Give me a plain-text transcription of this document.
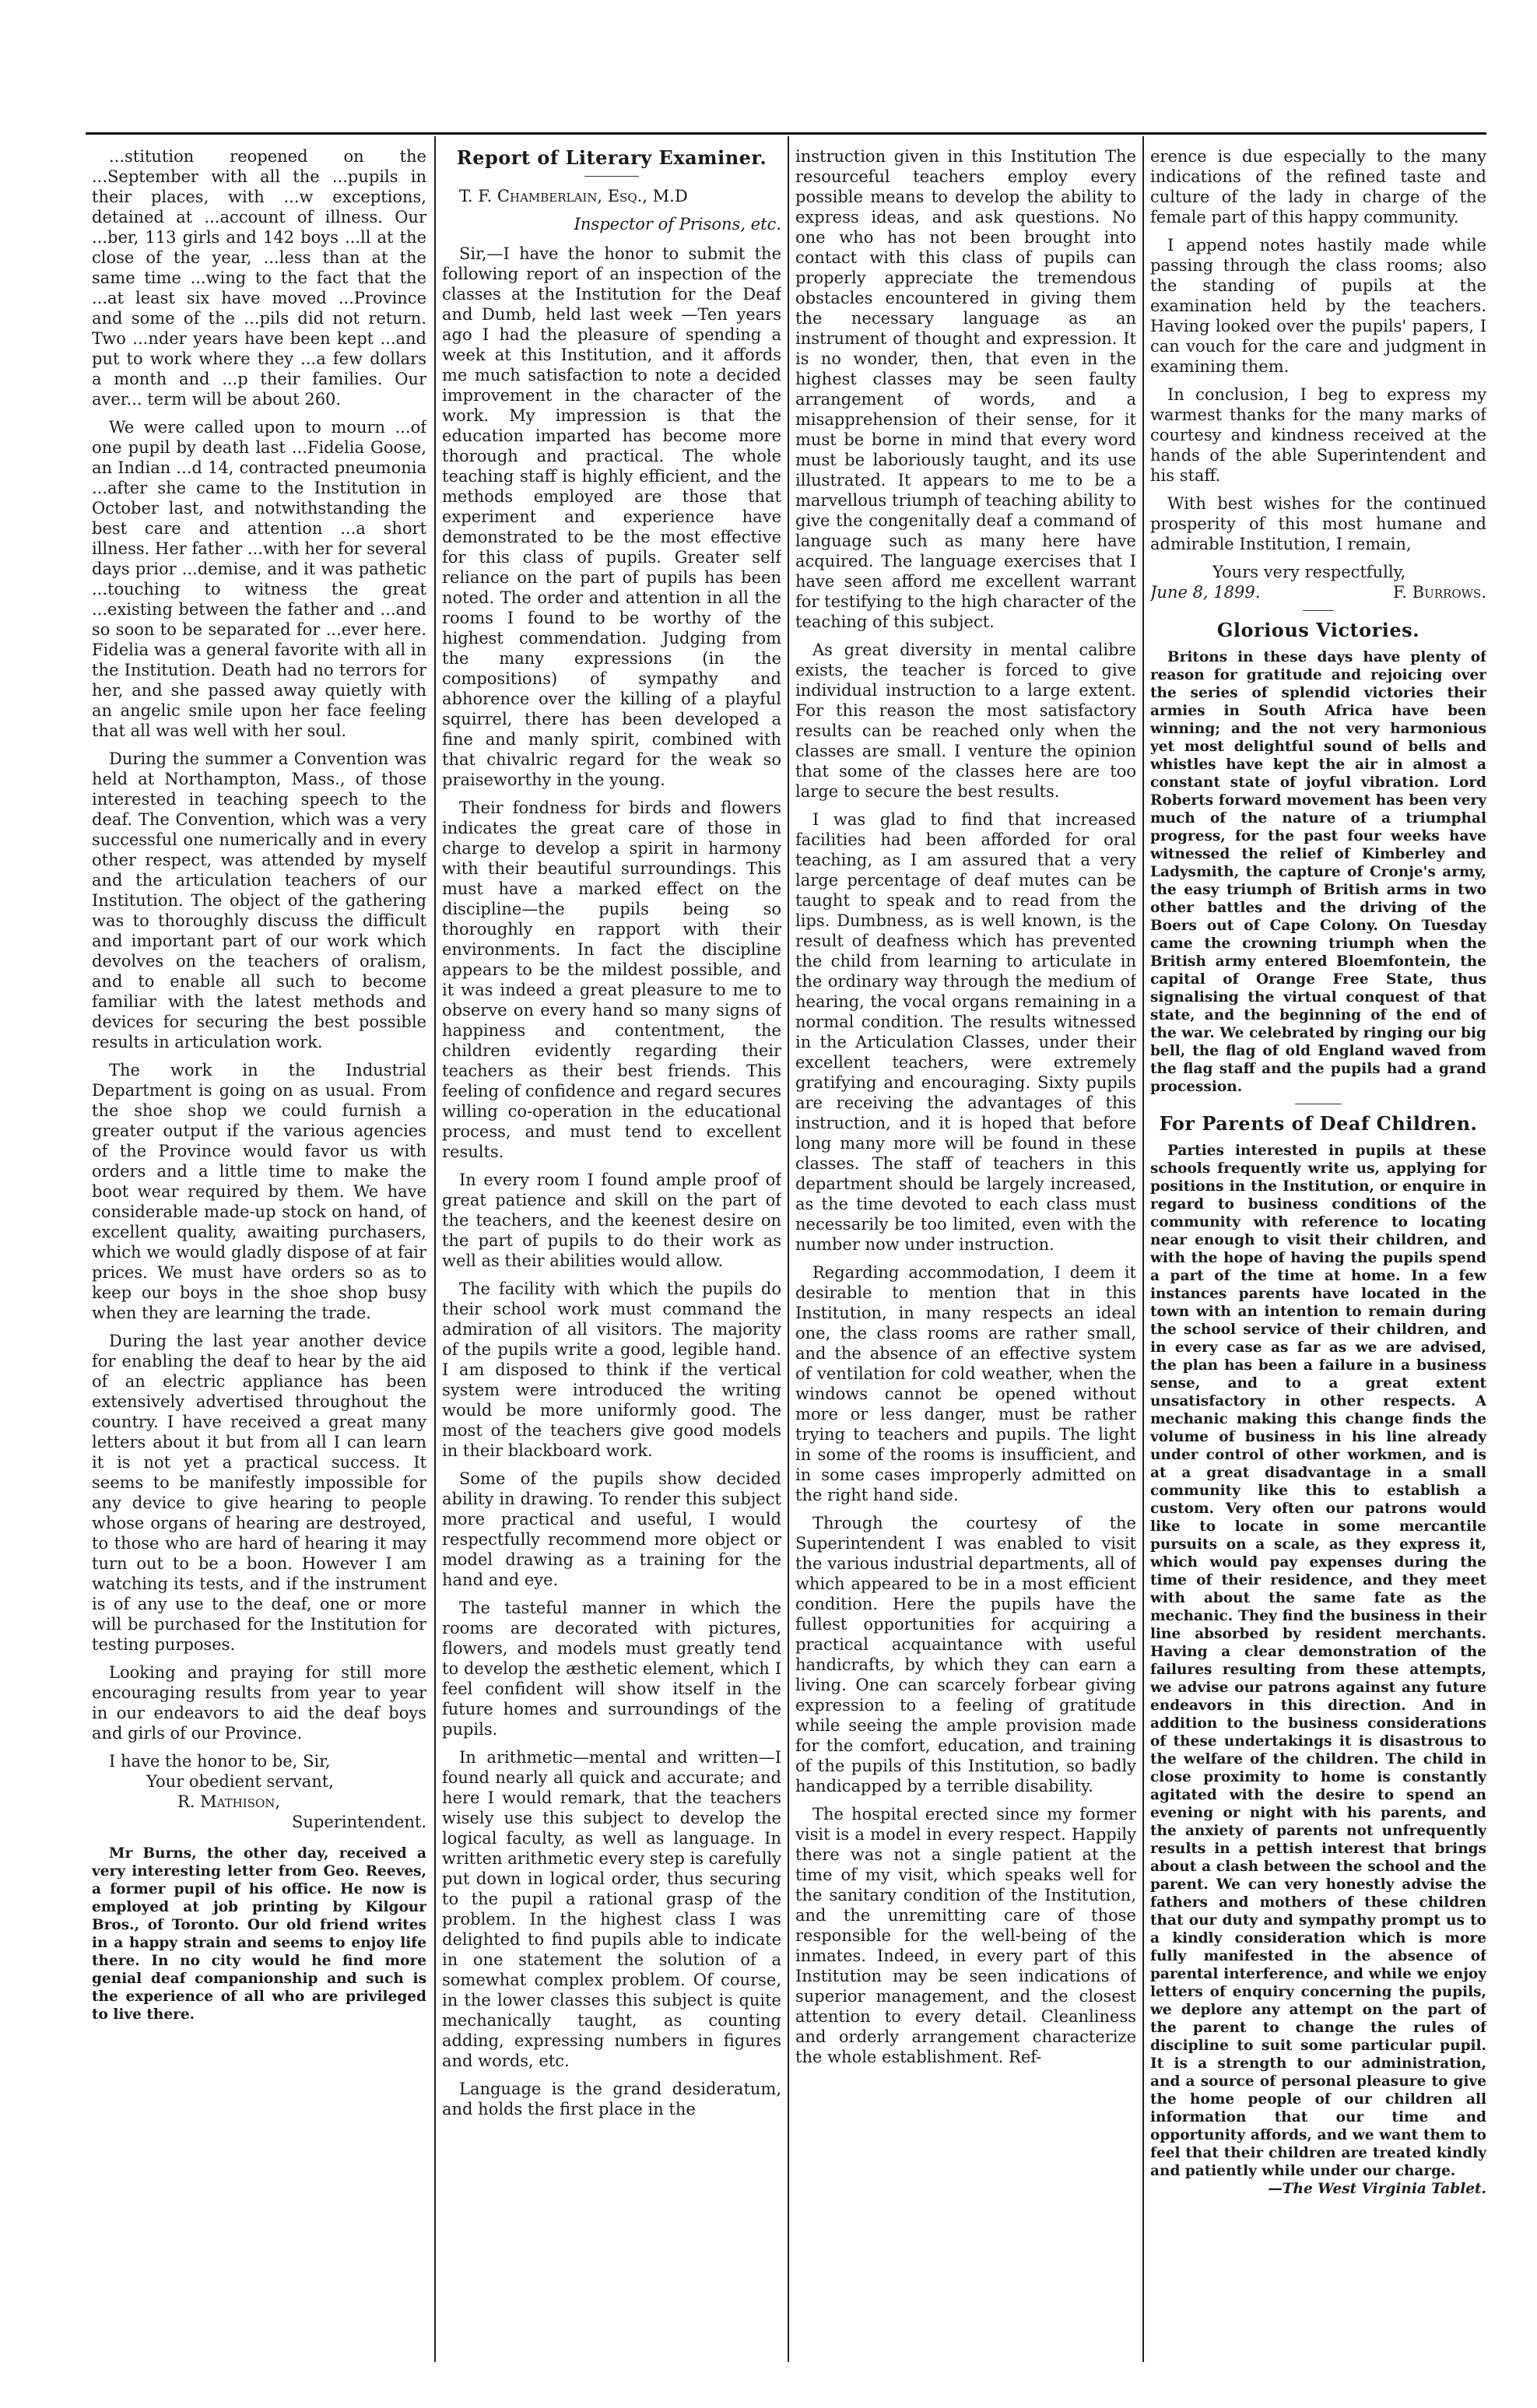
...stitution reopened on the ...September with all the ...pupils in their places, with ...w exceptions, detained at ...account of illness. Our ...ber, 113 girls and 142 boys ...ll at the close of the year, ...less than at the same time ...wing to the fact that the ...at least six have moved ...Province and some of the ...pils did not return. Two ...nder years have been kept ...and put to work where they ...a few dollars a month and ...p their families. Our aver... term will be about 260.

We were called upon to mourn ...of one pupil by death last ...Fidelia Goose, an Indian ...d 14, contracted pneumonia ...after she came to the Institution in October last, and notwithstanding the best care and attention ...a short illness. Her father ...with her for several days prior ...demise, and it was pathetic ...touching to witness the great ...existing between the father and ...and so soon to be separated for ...ever here. Fidelia was a general favorite with all in the Institution. Death had no terrors for her, and she passed away quietly with an angelic smile upon her face feeling that all was well with her soul.

During the summer a Convention was held at Northampton, Mass., of those interested in teaching speech to the deaf. The Convention, which was a very successful one numerically and in every other respect, was attended by myself and the articulation teachers of our Institution. The object of the gathering was to thoroughly discuss the difficult and important part of our work which devolves on the teachers of oralism, and to enable all such to become familiar with the latest methods and devices for securing the best possible results in articulation work.

The work in the Industrial Department is going on as usual. From the shoe shop we could furnish a greater output if the various agencies of the Province would favor us with orders and a little time to make the boot wear required by them. We have considerable made-up stock on hand, of excellent quality, awaiting purchasers, which we would gladly dispose of at fair prices. We must have orders so as to keep our boys in the shoe shop busy when they are learning the trade.

During the last year another device for enabling the deaf to hear by the aid of an electric appliance has been extensively advertised throughout the country. I have received a great many letters about it but from all I can learn it is not yet a practical success. It seems to be manifestly impossible for any device to give hearing to people whose organs of hearing are destroyed, to those who are hard of hearing it may turn out to be a boon. However I am watching its tests, and if the instrument is of any use to the deaf, one or more will be purchased for the Institution for testing purposes.

Looking and praying for still more encouraging results from year to year in our endeavors to aid the deaf boys and girls of our Province.

I have the honor to be, Sir,

Your obedient servant,

R. Mathison,

Superintendent.

Mr Burns, the other day, received a very interesting letter from Geo. Reeves, a former pupil of his office. He now is employed at job printing by Kilgour Bros., of Toronto. Our old friend writes in a happy strain and seems to enjoy life there. In no city would he find more genial deaf companionship and such is the experience of all who are privileged to live there.

Report of Literary Examiner.

T. F. Chamberlain, Esq., M.D

Inspector of Prisons, etc.

Sir,—I have the honor to submit the following report of an inspection of the classes at the Institution for the Deaf and Dumb, held last week —Ten years ago I had the pleasure of spending a week at this Institution, and it affords me much satisfaction to note a decided improvement in the character of the work. My impression is that the education imparted has become more thorough and practical. The whole teaching staff is highly efficient, and the methods employed are those that experiment and experience have demonstrated to be the most effective for this class of pupils. Greater self reliance on the part of pupils has been noted. The order and attention in all the rooms I found to be worthy of the highest commendation. Judging from the many expressions (in the compositions) of sympathy and abhorence over the killing of a playful squirrel, there has been developed a fine and manly spirit, combined with that chivalric regard for the weak so praiseworthy in the young.

Their fondness for birds and flowers indicates the great care of those in charge to develop a spirit in harmony with their beautiful surroundings. This must have a marked effect on the discipline—the pupils being so thoroughly en rapport with their environments. In fact the discipline appears to be the mildest possible, and it was indeed a great pleasure to me to observe on every hand so many signs of happiness and contentment, the children evidently regarding their teachers as their best friends. This feeling of confidence and regard secures willing co-operation in the educational process, and must tend to excellent results.

In every room I found ample proof of great patience and skill on the part of the teachers, and the keenest desire on the part of pupils to do their work as well as their abilities would allow.

The facility with which the pupils do their school work must command the admiration of all visitors. The majority of the pupils write a good, legible hand. I am disposed to think if the vertical system were introduced the writing would be more uniformly good. The most of the teachers give good models in their blackboard work.

Some of the pupils show decided ability in drawing. To render this subject more practical and useful, I would respectfully recommend more object or model drawing as a training for the hand and eye.

The tasteful manner in which the rooms are decorated with pictures, flowers, and models must greatly tend to develop the æsthetic element, which I feel confident will show itself in the future homes and surroundings of the pupils.

In arithmetic—mental and written—I found nearly all quick and accurate; and here I would remark, that the teachers wisely use this subject to develop the logical faculty, as well as language. In written arithmetic every step is carefully put down in logical order, thus securing to the pupil a rational grasp of the problem. In the highest class I was delighted to find pupils able to indicate in one statement the solution of a somewhat complex problem. Of course, in the lower classes this subject is quite mechanically taught, as counting adding, expressing numbers in figures and words, etc.

Language is the grand desideratum, and holds the first place in the

instruction given in this Institution The resourceful teachers employ every possible means to develop the ability to express ideas, and ask questions. No one who has not been brought into contact with this class of pupils can properly appreciate the tremendous obstacles encountered in giving them the necessary language as an instrument of thought and expression. It is no wonder, then, that even in the highest classes may be seen faulty arrangement of words, and a misapprehension of their sense, for it must be borne in mind that every word must be laboriously taught, and its use illustrated. It appears to me to be a marvellous triumph of teaching ability to give the congenitally deaf a command of language such as many here have acquired. The language exercises that I have seen afford me excellent warrant for testifying to the high character of the teaching of this subject.

As great diversity in mental calibre exists, the teacher is forced to give individual instruction to a large extent. For this reason the most satisfactory results can be reached only when the classes are small. I venture the opinion that some of the classes here are too large to secure the best results.

I was glad to find that increased facilities had been afforded for oral teaching, as I am assured that a very large percentage of deaf mutes can be taught to speak and to read from the lips. Dumbness, as is well known, is the result of deafness which has prevented the child from learning to articulate in the ordinary way through the medium of hearing, the vocal organs remaining in a normal condition. The results witnessed in the Articulation Classes, under their excellent teachers, were extremely gratifying and encouraging. Sixty pupils are receiving the advantages of this instruction, and it is hoped that before long many more will be found in these classes. The staff of teachers in this department should be largely increased, as the time devoted to each class must necessarily be too limited, even with the number now under instruction.

Regarding accommodation, I deem it desirable to mention that in this Institution, in many respects an ideal one, the class rooms are rather small, and the absence of an effective system of ventilation for cold weather, when the windows cannot be opened without more or less danger, must be rather trying to teachers and pupils. The light in some of the rooms is insufficient, and in some cases improperly admitted on the right hand side.

Through the courtesy of the Superintendent I was enabled to visit the various industrial departments, all of which appeared to be in a most efficient condition. Here the pupils have the fullest opportunities for acquiring a practical acquaintance with useful handicrafts, by which they can earn a living. One can scarcely forbear giving expression to a feeling of gratitude while seeing the ample provision made for the comfort, education, and training of the pupils of this Institution, so badly handicapped by a terrible disability.

The hospital erected since my former visit is a model in every respect. Happily there was not a single patient at the time of my visit, which speaks well for the sanitary condition of the Institution, and the unremitting care of those responsible for the well-being of the inmates. Indeed, in every part of this Institution may be seen indications of superior management, and the closest attention to every detail. Cleanliness and orderly arrangement characterize the whole establishment. Ref-

erence is due especially to the many indications of the refined taste and culture of the lady in charge of the female part of this happy community.

I append notes hastily made while passing through the class rooms; also the standing of pupils at the examination held by the teachers. Having looked over the pupils' papers, I can vouch for the care and judgment in examining them.

In conclusion, I beg to express my warmest thanks for the many marks of courtesy and kindness received at the hands of the able Superintendent and his staff.

With best wishes for the continued prosperity of this most humane and admirable Institution, I remain,

Yours very respectfully,

June 8, 1899.	F. Burrows.
Glorious Victories.

Britons in these days have plenty of reason for gratitude and rejoicing over the series of splendid victories their armies in South Africa have been winning; and the not very harmonious yet most delightful sound of bells and whistles have kept the air in almost a constant state of joyful vibration. Lord Roberts forward movement has been very much of the nature of a triumphal progress, for the past four weeks have witnessed the relief of Kimberley and Ladysmith, the capture of Cronje's army, the easy triumph of British arms in two other battles and the driving of the Boers out of Cape Colony. On Tuesday came the crowning triumph when the British army entered Bloemfontein, the capital of Orange Free State, thus signalising the virtual conquest of that state, and the beginning of the end of the war. We celebrated by ringing our big bell, the flag of old England waved from the flag staff and the pupils had a grand procession.

For Parents of Deaf Children.

Parties interested in pupils at these schools frequently write us, applying for positions in the Institution, or enquire in regard to business conditions of the community with reference to locating near enough to visit their children, and with the hope of having the pupils spend a part of the time at home. In a few instances parents have located in the town with an intention to remain during the school service of their children, and in every case as far as we are advised, the plan has been a failure in a business sense, and to a great extent unsatisfactory in other respects. A mechanic making this change finds the volume of business in his line already under control of other workmen, and is at a great disadvantage in a small community like this to establish a custom. Very often our patrons would like to locate in some mercantile pursuits on a scale, as they express it, which would pay expenses during the time of their residence, and they meet with about the same fate as the mechanic. They find the business in their line absorbed by resident merchants. Having a clear demonstration of the failures resulting from these attempts, we advise our patrons against any future endeavors in this direction. And in addition to the business considerations of these undertakings it is disastrous to the welfare of the children. The child in close proximity to home is constantly agitated with the desire to spend an evening or night with his parents, and the anxiety of parents not unfrequently results in a pettish interest that brings about a clash between the school and the parent. We can very honestly advise the fathers and mothers of these children that our duty and sympathy prompt us to a kindly consideration which is more fully manifested in the absence of parental interference, and while we enjoy letters of enquiry concerning the pupils, we deplore any attempt on the part of the parent to change the rules of discipline to suit some particular pupil. It is a strength to our administration, and a source of personal pleasure to give the home people of our children all information that our time and opportunity affords, and we want them to feel that their children are treated kindly and patiently while under our charge.

—The West Virginia Tablet.
